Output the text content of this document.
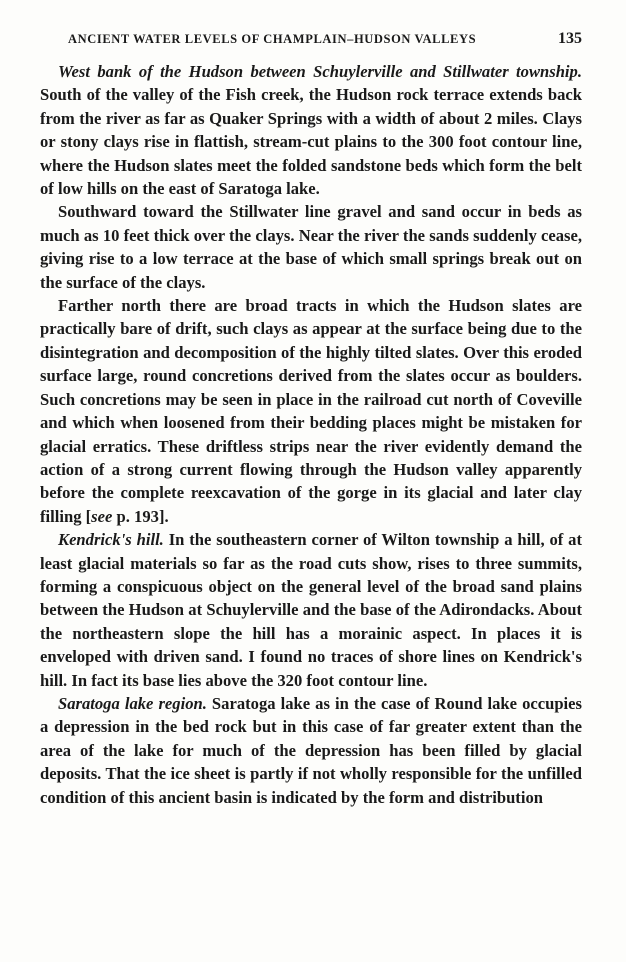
ANCIENT WATER LEVELS OF CHAMPLAIN–HUDSON VALLEYS	135

West bank of the Hudson between Schuylerville and Stillwater township. South of the valley of the Fish creek, the Hudson rock terrace extends back from the river as far as Quaker Springs with a width of about 2 miles. Clays or stony clays rise in flattish, stream-cut plains to the 300 foot contour line, where the Hudson slates meet the folded sandstone beds which form the belt of low hills on the east of Saratoga lake.

Southward toward the Stillwater line gravel and sand occur in beds as much as 10 feet thick over the clays. Near the river the sands suddenly cease, giving rise to a low terrace at the base of which small springs break out on the surface of the clays.

Farther north there are broad tracts in which the Hudson slates are practically bare of drift, such clays as appear at the surface being due to the disintegration and decomposition of the highly tilted slates. Over this eroded surface large, round concretions derived from the slates occur as boulders. Such concretions may be seen in place in the railroad cut north of Coveville and which when loosened from their bedding places might be mistaken for glacial erratics. These driftless strips near the river evidently demand the action of a strong current flowing through the Hudson valley apparently before the complete reexcavation of the gorge in its glacial and later clay filling [see p. 193].

Kendrick's hill. In the southeastern corner of Wilton township a hill, of at least glacial materials so far as the road cuts show, rises to three summits, forming a conspicuous object on the general level of the broad sand plains between the Hudson at Schuylerville and the base of the Adirondacks. About the northeastern slope the hill has a morainic aspect. In places it is enveloped with driven sand. I found no traces of shore lines on Kendrick's hill. In fact its base lies above the 320 foot contour line.

Saratoga lake region. Saratoga lake as in the case of Round lake occupies a depression in the bed rock but in this case of far greater extent than the area of the lake for much of the depression has been filled by glacial deposits. That the ice sheet is partly if not wholly responsible for the unfilled condition of this ancient basin is indicated by the form and distribution
